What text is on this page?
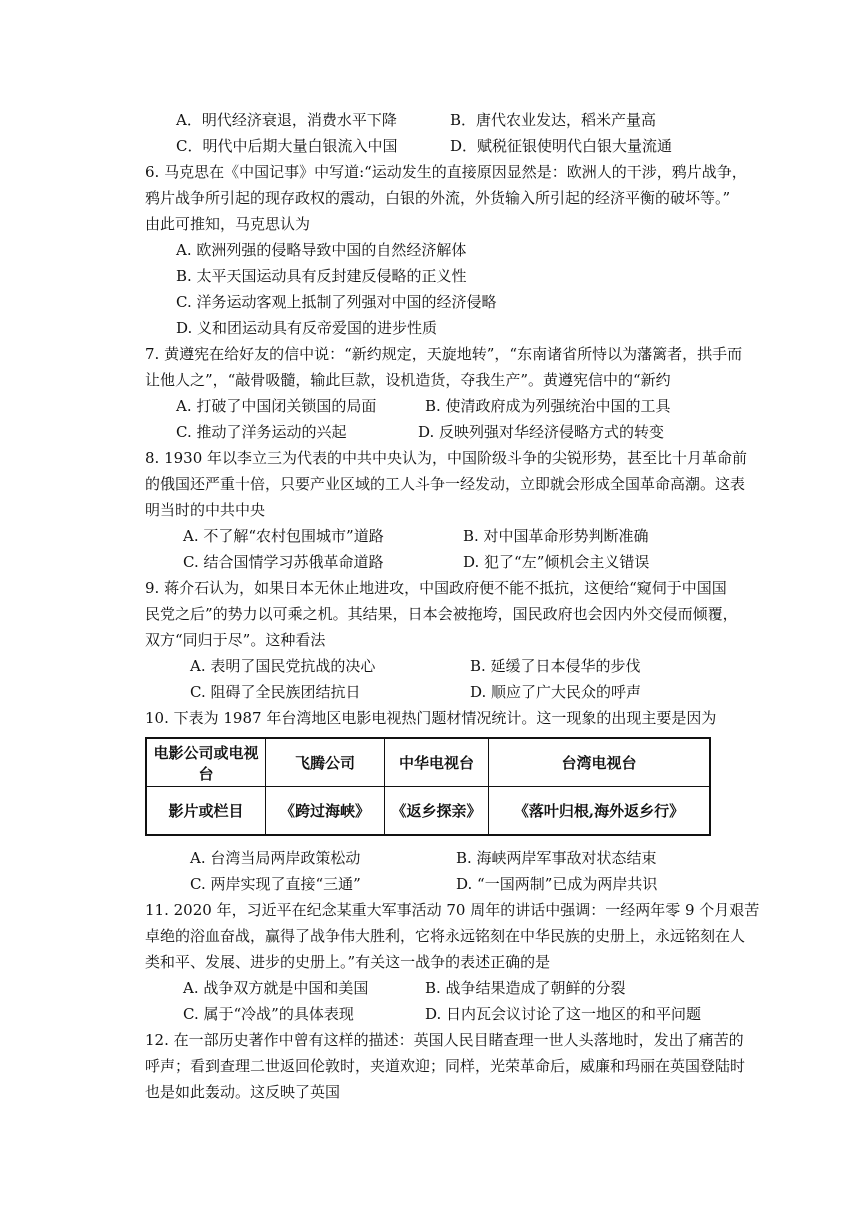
A．明代经济衰退，消费水平下降	B．唐代农业发达，稻米产量高
C．明代中后期大量白银流入中国	D．赋税征银使明代白银大量流通
6. 马克思在《中国记事》中写道:“运动发生的直接原因显然是：欧洲人的干涉，鸦片战争，
鸦片战争所引起的现存政权的震动，白银的外流，外货输入所引起的经济平衡的破坏等。”
由此可推知，马克思认为
A. 欧洲列强的侵略导致中国的自然经济解体
B. 太平天国运动具有反封建反侵略的正义性
C. 洋务运动客观上抵制了列强对中国的经济侵略
D. 义和团运动具有反帝爱国的进步性质
7. 黄遵宪在给好友的信中说：“新约规定，天旋地转”，“东南诸省所恃以为藩篱者，拱手而
让他人之”，“敲骨吸髓，输此巨款，设机造货，夺我生产”。黄遵宪信中的“新约
A. 打破了中国闭关锁国的局面	B. 使清政府成为列强统治中国的工具
C. 推动了洋务运动的兴起	D. 反映列强对华经济侵略方式的转变
8. 1930 年以李立三为代表的中共中央认为，中国阶级斗争的尖锐形势，甚至比十月革命前
的俄国还严重十倍，只要产业区域的工人斗争一经发动，立即就会形成全国革命高潮。这表
明当时的中共中央
A. 不了解“农村包围城市”道路	B. 对中国革命形势判断准确
C. 结合国情学习苏俄革命道路	D. 犯了“左”倾机会主义错误
9. 蒋介石认为，如果日本无休止地进攻，中国政府便不能不抵抗，这便给“窥伺于中国国
民党之后”的势力以可乘之机。其结果，日本会被拖垮，国民政府也会因内外交侵而倾覆，
双方“同归于尽”。这种看法
A. 表明了国民党抗战的决心	B. 延缓了日本侵华的步伐
C. 阻碍了全民族团结抗日	D. 顺应了广大民众的呼声
10. 下表为 1987 年台湾地区电影电视热门题材情况统计。这一现象的出现主要是因为
电影公司或电视台	飞腾公司	中华电视台	台湾电视台
影片或栏目	《跨过海峡》	《返乡探亲》	《落叶归根,海外返乡行》
A. 台湾当局两岸政策松动	B. 海峡两岸军事敌对状态结束
C. 两岸实现了直接“三通”	D. “一国两制”已成为两岸共识
11. 2020 年，习近平在纪念某重大军事活动 70 周年的讲话中强调：一经两年零 9 个月艰苦
卓绝的浴血奋战，赢得了战争伟大胜利，它将永远铭刻在中华民族的史册上，永远铭刻在人
类和平、发展、进步的史册上。”有关这一战争的表述正确的是
A. 战争双方就是中国和美国	B. 战争结果造成了朝鲜的分裂
C. 属于“冷战”的具体表现	D. 日内瓦会议讨论了这一地区的和平问题
12. 在一部历史著作中曾有这样的描述：英国人民目睹查理一世人头落地时，发出了痛苦的
呼声；看到查理二世返回伦敦时，夹道欢迎；同样，光荣革命后，威廉和玛丽在英国登陆时
也是如此轰动。这反映了英国
